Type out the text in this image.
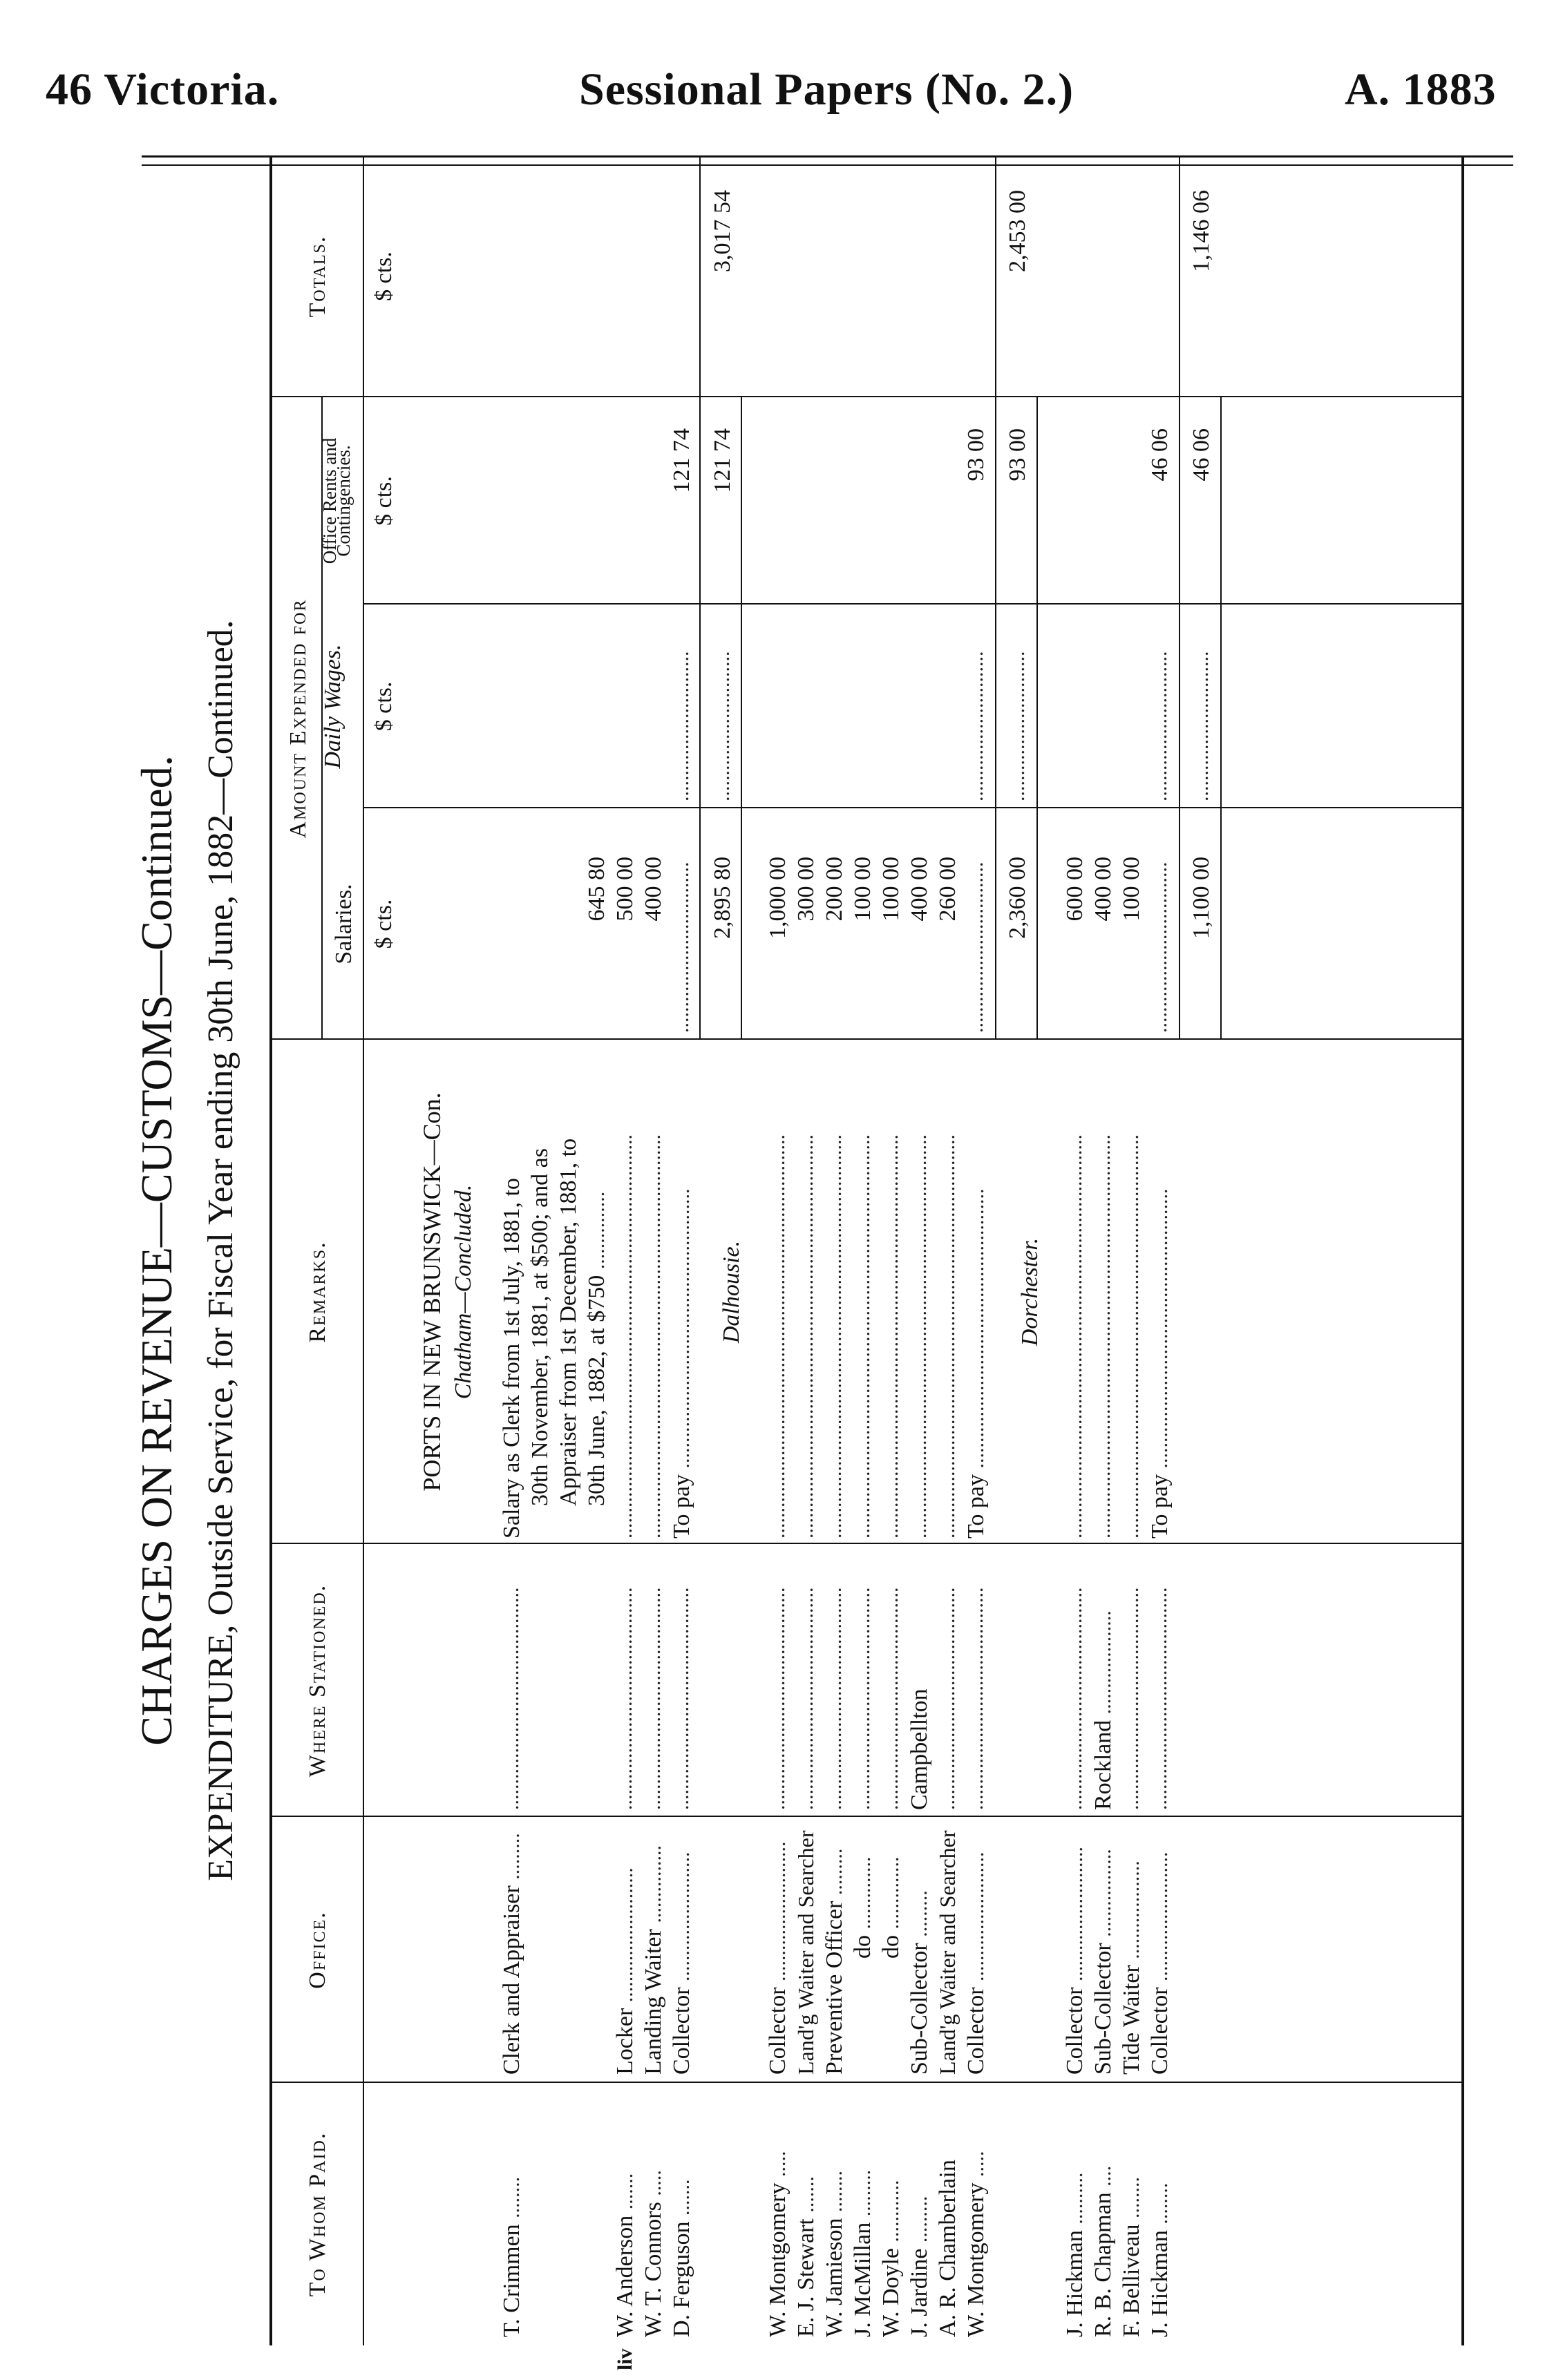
46 Victoria.	Sessional Papers (No. 2.)	A. 1883
CHARGES ON REVENUE—CUSTOMS—Continued. EXPENDITURE, Outside Service, for Fiscal Year ending 30th June, 1882—Continued.
To Whom Paid.
Office.
Where Stationed.
Remarks.
Amount Expended for
Salaries.
Daily Wages.
Office Rents and Contingencies.
Totals.
$ cts.
$ cts.
$ cts.
$ cts.
PORTS IN NEW BRUNSWICK—Con. Chatham—Concluded.
T. Crimmen ........
Clerk and Appraiser .........
...........................................
Salary as Clerk from 1st July, 1881, to 30th November, 1881, at $500; and as Appraiser from 1st December, 1881, to 30th June, 1882, at $750 ...............
645 80
W. Anderson .......
Locker ..........................
...........................................
..............................................................................
500 00
W. T. Connors .....
Landing Waiter ...............
...........................................
..............................................................................
400 00
D. Ferguson .......
Collector .........................
...........................................
To pay ......................................................
.................................
.............................
121 74
2,895 80
.............................
121 74
3,017 54
liv
Dalhousie.
W. Montgomery .....
Collector ...........................
...........................................
..............................................................................
1,000 00
E. J. Stewart .......
Land'g Waiter and Searcher
...........................................
..............................................................................
300 00
W. Jamieson ........
Preventive Officer .........
...........................................
..............................................................................
200 00
J. McMillan .........
do ..............
...........................................
..............................................................................
100 00
W. Doyle ............
do ..............
...........................................
..............................................................................
100 00
J. Jardine .........
Sub-Collector .........
Campbellton
..............................................................................
400 00
A. R. Chamberlain
Land'g Waiter and Searcher
...........................................
..............................................................................
260 00
W. Montgomery .....
Collector .........................
...........................................
To pay ......................................................
.................................
.............................
93 00
2,360 00
.............................
93 00
2,453 00
Dorchester.
J. Hickman ..........
Collector ..........................
...........................................
..............................................................................
600 00
R. B. Chapman ....
Sub-Collector .................
Rockland ....................
..............................................................................
400 00
F. Belliveau ........
Tide Waiter ...................
...........................................
..............................................................................
100 00
J. Hickman ........
Collector .........................
...........................................
To pay ......................................................
.................................
.............................
46 06
1,100 00
.............................
46 06
1,146 06
